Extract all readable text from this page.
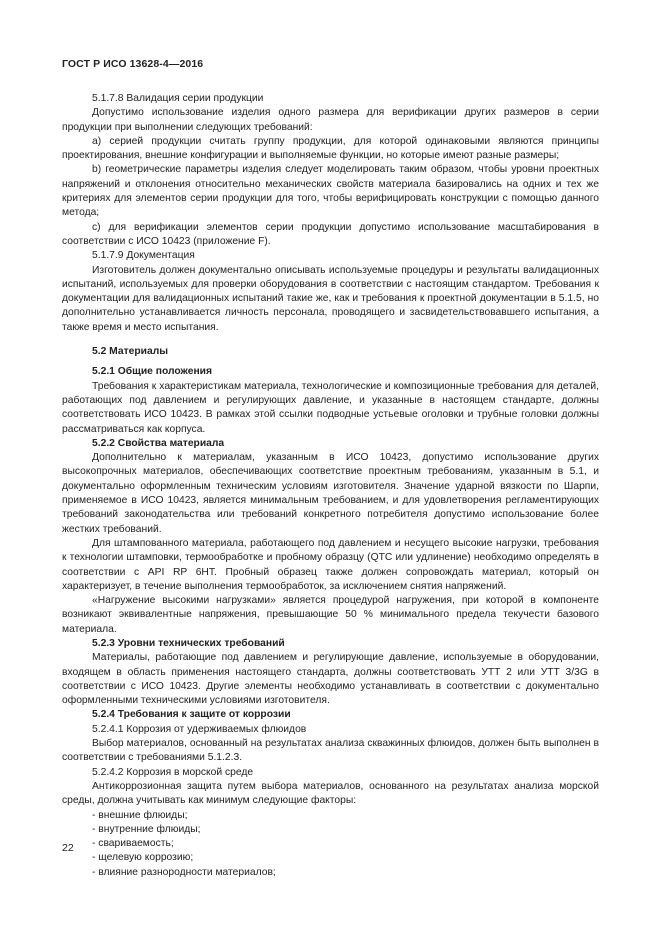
ГОСТ Р ИСО 13628-4—2016

5.1.7.8 Валидация серии продукции

Допустимо использование изделия одного размера для верификации других размеров в серии продукции при выполнении следующих требований:

а) серией продукции считать группу продукции, для которой одинаковыми являются принципы проектирования, внешние конфигурации и выполняемые функции, но которые имеют разные размеры;

b) геометрические параметры изделия следует моделировать таким образом, чтобы уровни проектных напряжений и отклонения относительно механических свойств материала базировались на одних и тех же критериях для элементов серии продукции для того, чтобы верифицировать конструкции с помощью данного метода;

c) для верификации элементов серии продукции допустимо использование масштабирования в соответствии с ИСО 10423 (приложение F).

5.1.7.9 Документация

Изготовитель должен документально описывать используемые процедуры и результаты валидационных испытаний, используемых для проверки оборудования в соответствии с настоящим стандартом. Требования к документации для валидационных испытаний такие же, как и требования к проектной документации в 5.1.5, но дополнительно устанавливается личность персонала, проводящего и засвидетельствовавшего испытания, а также время и место испытания.

5.2 Материалы

5.2.1 Общие положения

Требования к характеристикам материала, технологические и композиционные требования для деталей, работающих под давлением и регулирующих давление, и указанные в настоящем стандарте, должны соответствовать ИСО 10423. В рамках этой ссылки подводные устьевые оголовки и трубные головки должны рассматриваться как корпуса.

5.2.2 Свойства материала

Дополнительно к материалам, указанным в ИСО 10423, допустимо использование других высокопрочных материалов, обеспечивающих соответствие проектным требованиям, указанным в 5.1, и документально оформленным техническим условиям изготовителя. Значение ударной вязкости по Шарпи, применяемое в ИСО 10423, является минимальным требованием, и для удовлетворения регламентирующих требований законодательства или требований конкретного потребителя допустимо использование более жестких требований.

Для штампованного материала, работающего под давлением и несущего высокие нагрузки, требования к технологии штамповки, термообработке и пробному образцу (QTC или удлинение) необходимо определять в соответствии с API RP 6HT. Пробный образец также должен сопровождать материал, который он характеризует, в течение выполнения термообработок, за исключением снятия напряжений.

«Нагружение высокими нагрузками» является процедурой нагружения, при которой в компоненте возникают эквивалентные напряжения, превышающие 50 % минимального предела текучести базового материала.

5.2.3 Уровни технических требований

Материалы, работающие под давлением и регулирующие давление, используемые в оборудовании, входящем в область применения настоящего стандарта, должны соответствовать УТТ 2 или УТТ 3/3G в соответствии с ИСО 10423. Другие элементы необходимо устанавливать в соответствии с документально оформленными техническими условиями изготовителя.

5.2.4 Требования к защите от коррозии

5.2.4.1 Коррозия от удерживаемых флюидов

Выбор материалов, основанный на результатах анализа скважинных флюидов, должен быть выполнен в соответствии с требованиями 5.1.2.3.

5.2.4.2 Коррозия в морской среде

Антикоррозионная защита путем выбора материалов, основанного на результатах анализа морской среды, должна учитывать как минимум следующие факторы:

- внешние флюиды;

- внутренние флюиды;

- свариваемость;

- щелевую коррозию;

- влияние разнородности материалов;

22
